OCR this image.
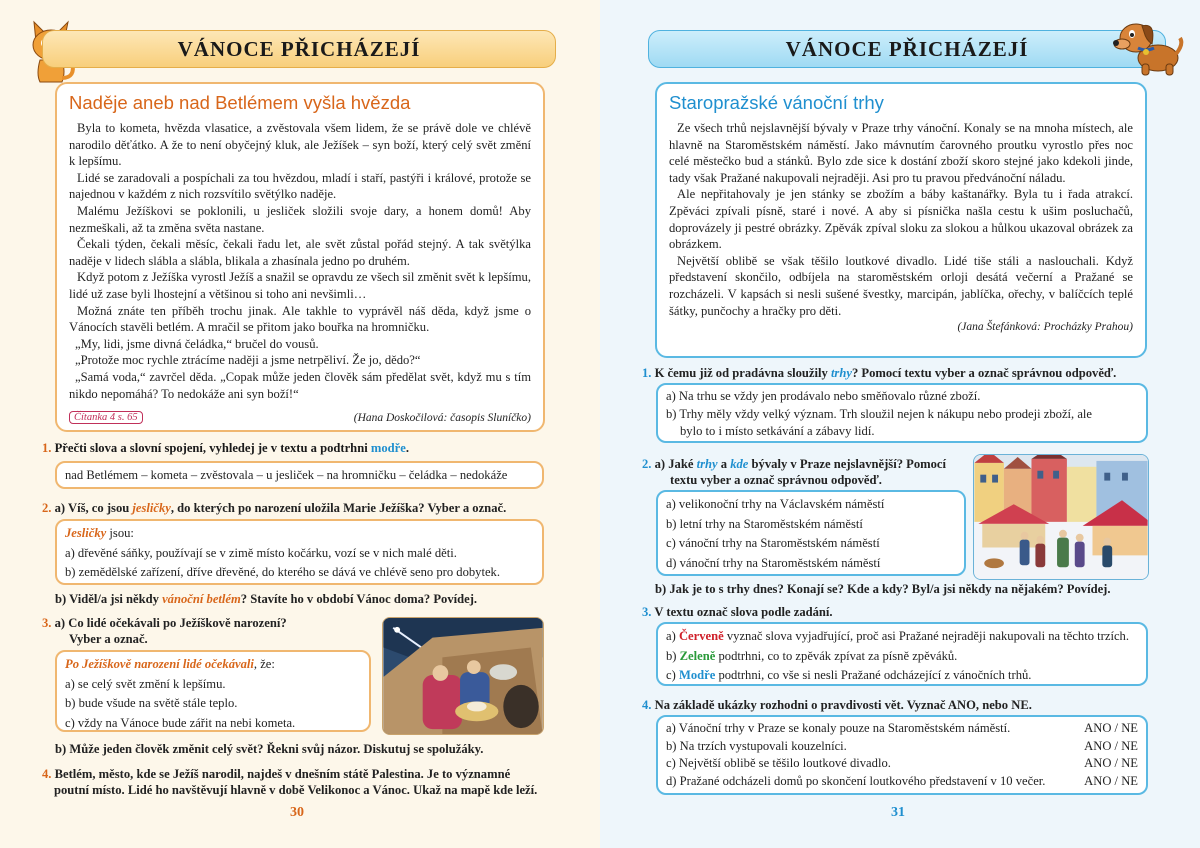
VÁNOCE PŘICHÁZEJÍ
Naděje aneb nad Betlémem vyšla hvězda

Byla to kometa, hvězda vlasatice, a zvěstovala všem lidem, že se právě dole ve chlévě narodilo děťátko. A že to není obyčejný kluk, ale Ježíšek – syn boží, který celý svět změní k lepšímu.

Lidé se zaradovali a pospíchali za tou hvězdou, mladí i staří, pastýři i králové, protože se najednou v každém z nich rozsvítilo světýlko naděje.

Malému Ježíškovi se poklonili, u jesliček složili svoje dary, a honem domů! Aby nezmeškali, až ta změna světa nastane.

Čekali týden, čekali měsíc, čekali řadu let, ale svět zůstal pořád stejný. A tak světýlka naděje v lidech slábla a slábla, blikala a zhasínala jedno po druhém.

Když potom z Ježíška vyrostl Ježíš a snažil se opravdu ze všech sil změnit svět k lepšímu, lidé už zase byli lhostejní a většinou si toho ani nevšimli…

Možná znáte ten příběh trochu jinak. Ale takhle to vyprávěl náš děda, když jsme o Vánocích stavěli betlém. A mračil se přitom jako bouřka na hromničku.

„My, lidi, jsme divná čeládka,“ bručel do vousů.

„Protože moc rychle ztrácíme naději a jsme netrpěliví. Že jo, dědo?“

„Samá voda,“ zavrčel děda. „Copak může jeden člověk sám předělat svět, když mu s tím nikdo nepomáhá? To nedokáže ani syn boží!“

Čítanka 4 s. 65	(Hana Doskočilová: časopis Sluníčko)
1. Přečti slova a slovní spojení, vyhledej je v textu a podtrhni modře.
nad Betlémem – kometa – zvěstovala – u jesliček – na hromničku – čeládka – nedokáže
2. a) Víš, co jsou jesličky, do kterých po narození uložila Marie Ježíška? Vyber a označ.
Jesličky jsou:
a) dřevěné sáňky, používají se v zimě místo kočárku, vozí se v nich malé děti.
b) zemědělské zařízení, dříve dřevěné, do kterého se dává ve chlévě seno pro dobytek.
b) Viděl/a jsi někdy vánoční betlém? Stavíte ho v období Vánoc doma? Povídej.
3. a) Co lidé očekávali po Ježíškově narození?
Vyber a označ.
Po Ježíškově narození lidé očekávali, že:
a) se celý svět změní k lepšímu.
b) bude všude na světě stále teplo.
c) vždy na Vánoce bude zářit na nebi kometa.
b) Může jeden člověk změnit celý svět? Řekni svůj názor. Diskutuj se spolužáky.
4. Betlém, město, kde se Ježíš narodil, najdeš v dnešním státě Palestina. Je to významné
poutní místo. Lidé ho navštěvují hlavně v době Velikonoc a Vánoc. Ukaž na mapě kde leží.
30
VÁNOCE PŘICHÁZEJÍ
Staropražské vánoční trhy

Ze všech trhů nejslavnější bývaly v Praze trhy vánoční. Konaly se na mnoha místech, ale hlavně na Staroměstském náměstí. Jako mávnutím čarovného proutku vyrostlo přes noc celé městečko bud a stánků. Bylo zde sice k dostání zboží skoro stejné jako kdekoli jinde, tady však Pražané nakupovali nejraději. Asi pro tu pravou předvánoční náladu.

Ale nepřitahovaly je jen stánky se zbožím a báby kaštanářky. Byla tu i řada atrakcí. Zpěváci zpívali písně, staré i nové. A aby si písnička našla cestu k ušim posluchačů, doprovázely ji pestré obrázky. Zpěvák zpíval sloku za slokou a hůlkou ukazoval obrázek za obrázkem.

Největší oblibě se však těšilo loutkové divadlo. Lidé tiše stáli a naslouchali. Když představení skončilo, odbíjela na staroměstském orloji desátá večerní a Pražané se rozcházeli. V kapsách si nesli sušené švestky, marcipán, jablíčka, ořechy, v balíčcích teplé šátky, punčochy a hračky pro děti.

(Jana Štefánková: Procházky Prahou)
1. K čemu již od pradávna sloužily trhy? Pomocí textu vyber a označ správnou odpověď.
a) Na trhu se vždy jen prodávalo nebo směňovalo různé zboží.
b) Trhy měly vždy velký význam. Trh sloužil nejen k nákupu nebo prodeji zboží, ale
bylo to i místo setkávání a zábavy lidí.
2. a) Jaké trhy a kde bývaly v Praze nejslavnější? Pomocí
textu vyber a označ správnou odpověď.
a) velikonoční trhy na Václavském náměstí
b) letní trhy na Staroměstském náměstí
c) vánoční trhy na Staroměstském náměstí
d) vánoční trhy na Staroměstském náměstí
b) Jak je to s trhy dnes? Konají se? Kde a kdy? Byl/a jsi někdy na nějakém? Povídej.
3. V textu označ slova podle zadání.
a) Červeně vyznač slova vyjadřující, proč asi Pražané nejraději nakupovali na těchto trzích.
b) Zeleně podtrhni, co to zpěvák zpívat za písně zpěváků.
c) Modře podtrhni, co vše si nesli Pražané odcházející z vánočních trhů.
4. Na základě ukázky rozhodni o pravdivosti vět. Vyznač ANO, nebo NE.
a) Vánoční trhy v Praze se konaly pouze na Staroměstském náměstí.	ANO / NE
b) Na trzích vystupovali kouzelníci.	ANO / NE
c) Největší oblibě se těšilo loutkové divadlo.	ANO / NE
d) Pražané odcházeli domů po skončení loutkového představení v 10 večer.	ANO / NE
31
